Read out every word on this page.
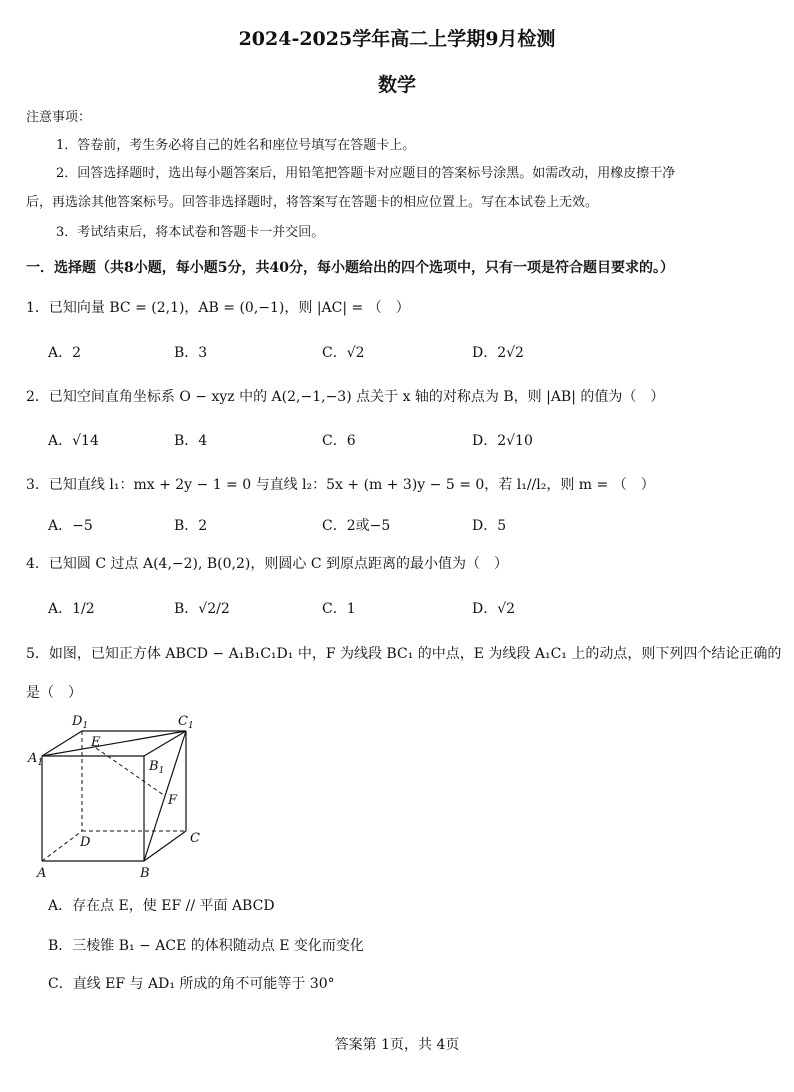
2024-2025学年高二上学期9月检测
数学
注意事项：
1．答卷前，考生务必将自己的姓名和座位号填写在答题卡上。
2．回答选择题时，选出每小题答案后，用铅笔把答题卡对应题目的答案标号涂黑。如需改动，用橡皮擦干净
后，再选涂其他答案标号。回答非选择题时，将答案写在答题卡的相应位置上。写在本试卷上无效。
3．考试结束后，将本试卷和答题卡一并交回。
一．选择题（共8小题，每小题5分，共40分，每小题给出的四个选项中，只有一项是符合题目要求的。）
1．已知向量 BC = (2,1)，AB = (0,−1)，则 |AC| = （　）
A．2	B．3	C．√2	D．2√2
2．已知空间直角坐标系 O − xyz 中的 A(2,−1,−3) 点关于 x 轴的对称点为 B，则 |AB| 的值为（　）
A．√14	B．4	C．6	D．2√10
3．已知直线 l₁：mx + 2y − 1 = 0 与直线 l₂：5x + (m + 3)y − 5 = 0，若 l₁//l₂，则 m = （　）
A．−5	B．2	C．2或−5	D．5
4．已知圆 C 过点 A(4,−2), B(0,2)，则圆心 C 到原点距离的最小值为（　）
A．1/2	B．√2/2	C．1	D．√2
5．如图，已知正方体 ABCD − A₁B₁C₁D₁ 中，F 为线段 BC₁ 的中点，E 为线段 A₁C₁ 上的动点，则下列四个结论正确的
是（　）
$A_1$
$D_1$	$C_1$
$B_1$
E
F
D	C
A	B
A．存在点 E，使 EF // 平面 ABCD
B．三棱锥 B₁ − ACE 的体积随动点 E 变化而变化
C．直线 EF 与 AD₁ 所成的角不可能等于 30°
答案第 1页，共 4页
